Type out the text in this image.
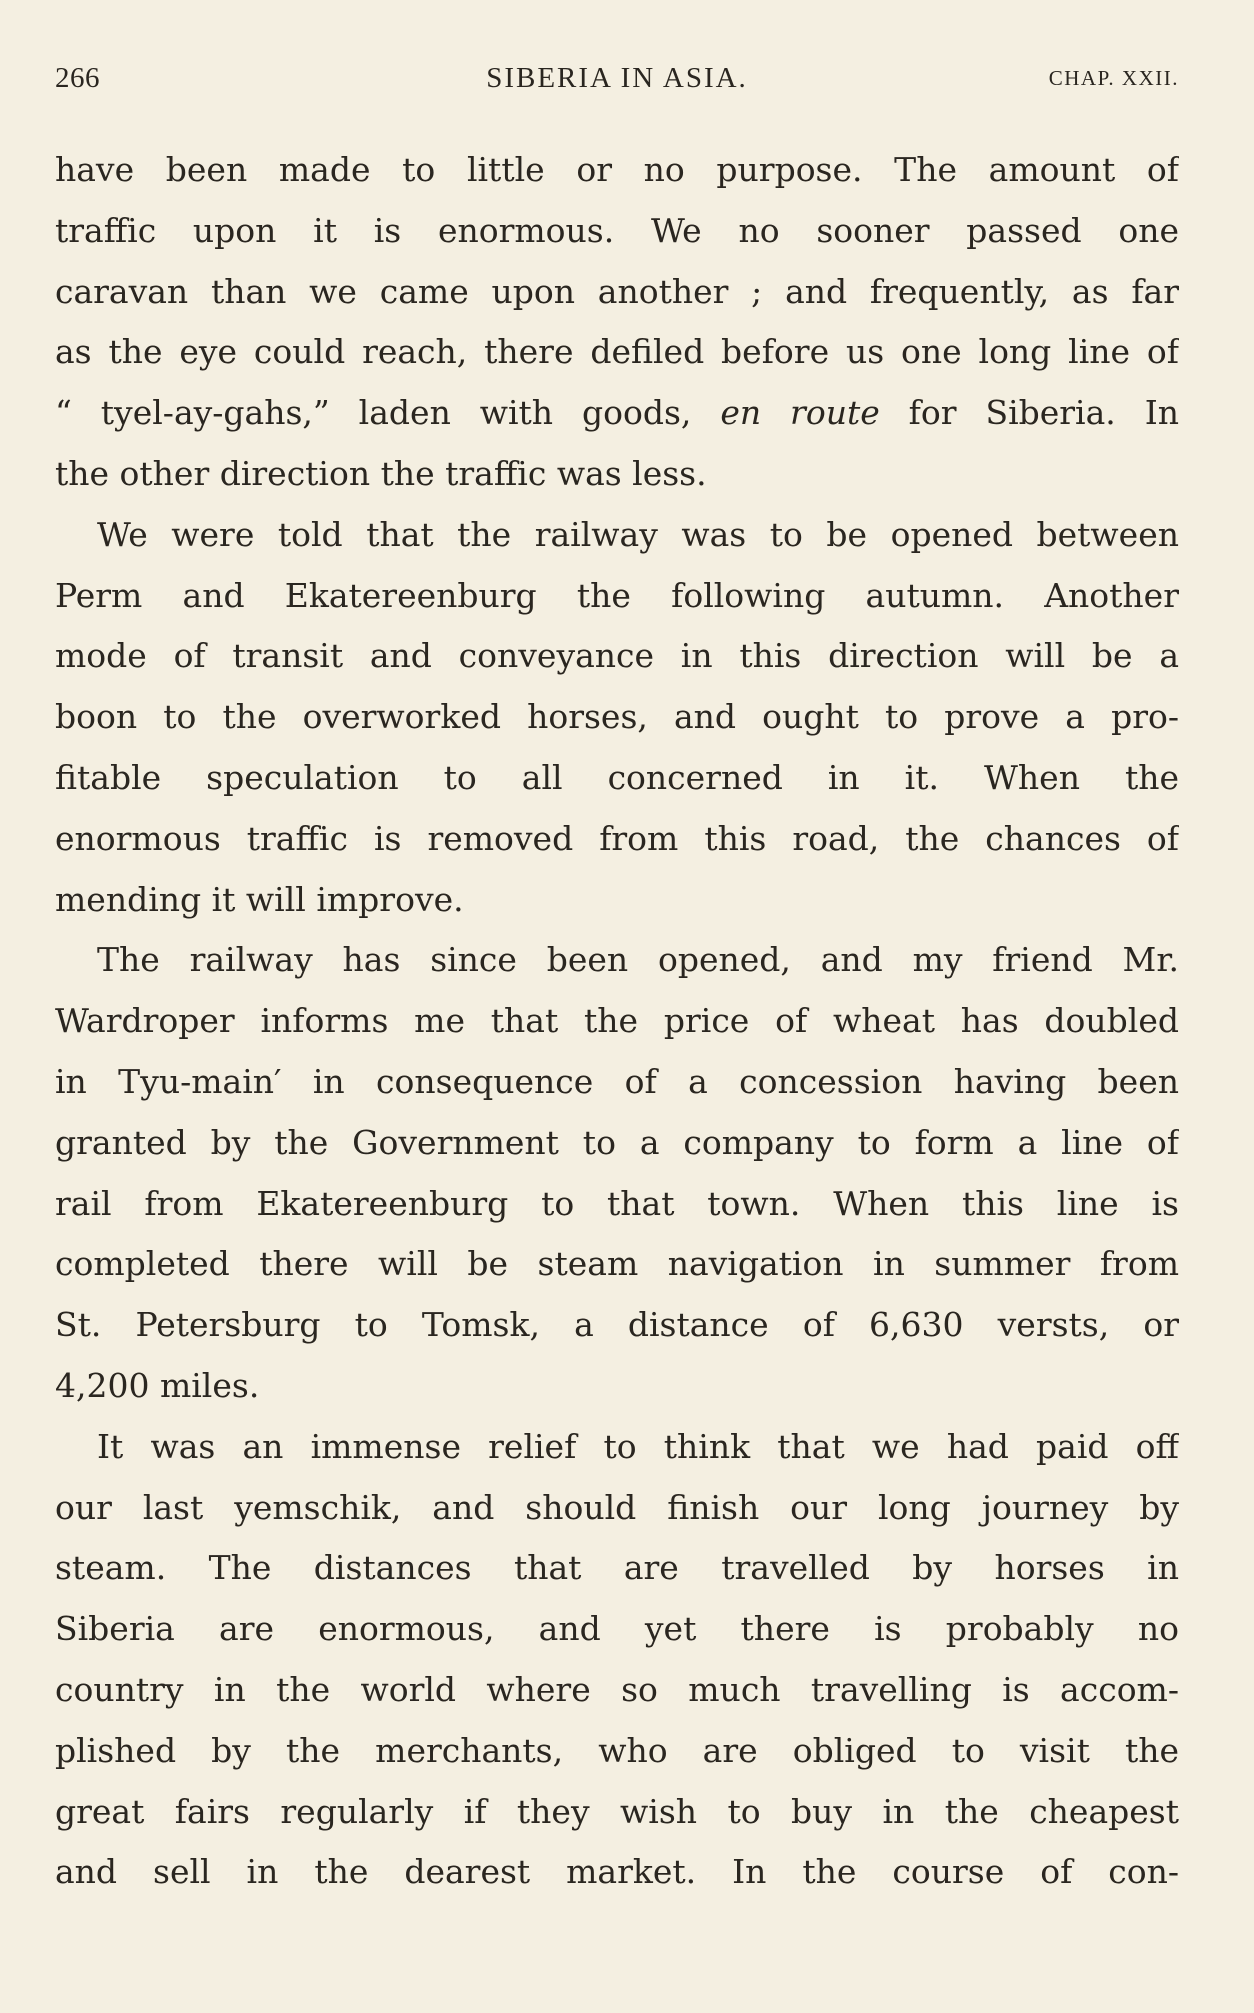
266	SIBERIA IN ASIA.	CHAP. XXII.
have been made to little or no purpose. The amount of
traffic upon it is enormous. We no sooner passed one
caravan than we came upon another ; and frequently, as far
as the eye could reach, there defiled before us one long line of
“ tyel-ay-gahs,” laden with goods, en route for Siberia. In
the other direction the traffic was less.
We were told that the railway was to be opened between
Perm and Ekatereenburg the following autumn. Another
mode of transit and conveyance in this direction will be a
boon to the overworked horses, and ought to prove a pro-
fitable speculation to all concerned in it. When the
enormous traffic is removed from this road, the chances of
mending it will improve.
The railway has since been opened, and my friend Mr.
Wardroper informs me that the price of wheat has doubled
in Tyu-main′ in consequence of a concession having been
granted by the Government to a company to form a line of
rail from Ekatereenburg to that town. When this line is
completed there will be steam navigation in summer from
St. Petersburg to Tomsk, a distance of 6,630 versts, or
4,200 miles.
It was an immense relief to think that we had paid off
our last yemschik, and should finish our long journey by
steam. The distances that are travelled by horses in
Siberia are enormous, and yet there is probably no
country in the world where so much travelling is accom-
plished by the merchants, who are obliged to visit the
great fairs regularly if they wish to buy in the cheapest
and sell in the dearest market. In the course of con-
